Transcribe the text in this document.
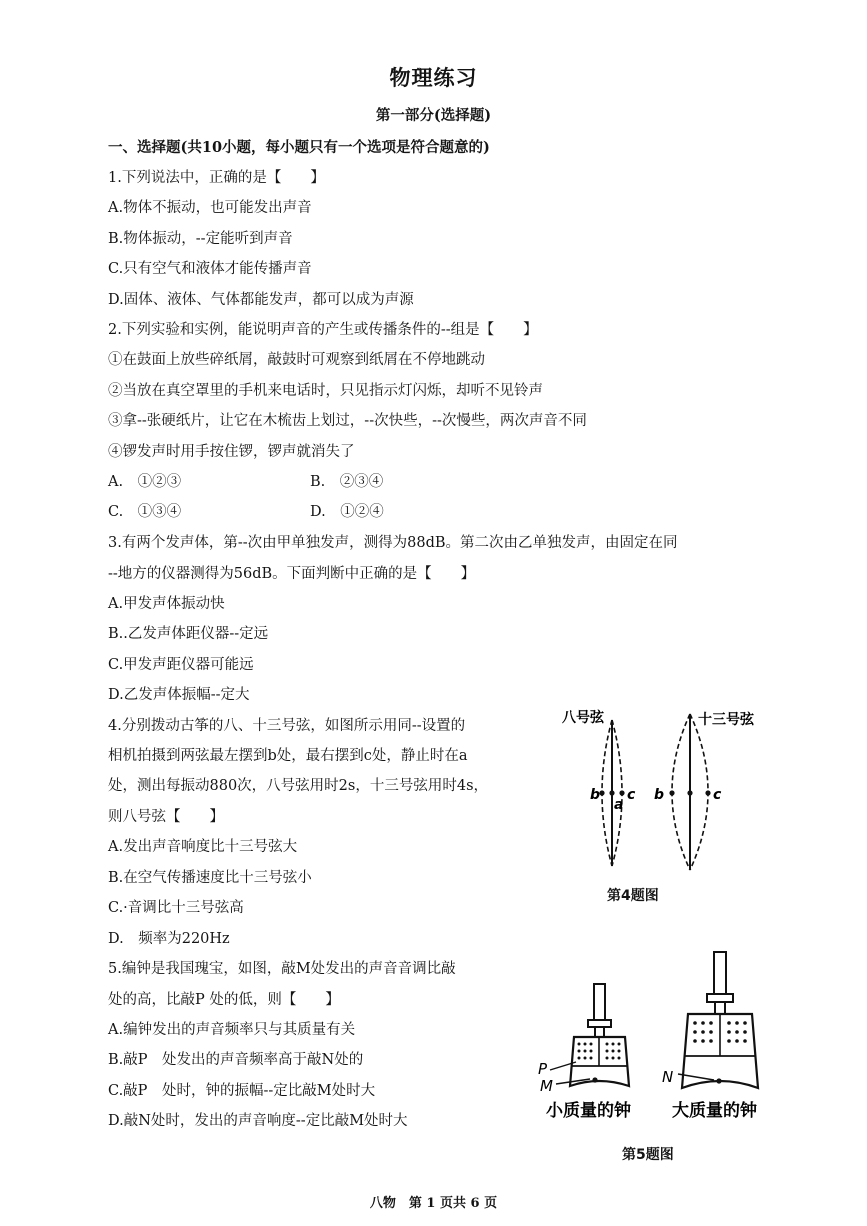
物理练习
第一部分(选择题)
一、选择题(共10小题，每小题只有一个选项是符合题意的)
1.下列说法中，正确的是【　　】
A.物体不振动，也可能发出声音
B.物体振动，--定能听到声音
C.只有空气和液体才能传播声音
D.固体、液体、气体都能发声，都可以成为声源
2.下列实验和实例，能说明声音的产生或传播条件的--组是【　　】
①在鼓面上放些碎纸屑，敲鼓时可观察到纸屑在不停地跳动
②当放在真空罩里的手机来电话时，只见指示灯闪烁，却听不见铃声
③拿--张硬纸片，让它在木梳齿上划过，--次快些，--次慢些，两次声音不同
④锣发声时用手按住锣，锣声就消失了
A.　①②③	B.　②③④
C.　①③④	D.　①②④
3.有两个发声体，第--次由甲单独发声，测得为88dB。第二次由乙单独发声，由固定在同
--地方的仪器测得为56dB。下面判断中正确的是【　　】
A.甲发声体振动快
B..乙发声体距仪器--定远
C.甲发声距仪器可能远
D.乙发声体振幅--定大
4.分别拨动古筝的八、十三号弦，如图所示用同--设置的
相机拍摄到两弦最左摆到b处，最右摆到c处，静止时在a
处，测出每振动880次，八号弦用时2s，十三号弦用时4s，
则八号弦【　　】
A.发出声音响度比十三号弦大
B.在空气传播速度比十三号弦小
C.·音调比十三号弦高
D.　频率为220Hz
5.编钟是我国瑰宝，如图，敲M处发出的声音音调比敲
处的高，比敲P 处的低，则【　　】
A.编钟发出的声音频率只与其质量有关
B.敲P　处发出的声音频率高于敲N处的
C.敲P　处时，钟的振幅--定比敲M处时大
D.敲N处时，发出的声音响度--定比敲M处时大
b
a
c
八号弦
b	c
十三号弦
第4题图
P
M
小质量的钟
N
大质量的钟
第5题图
八物　第 1 页共 6 页
